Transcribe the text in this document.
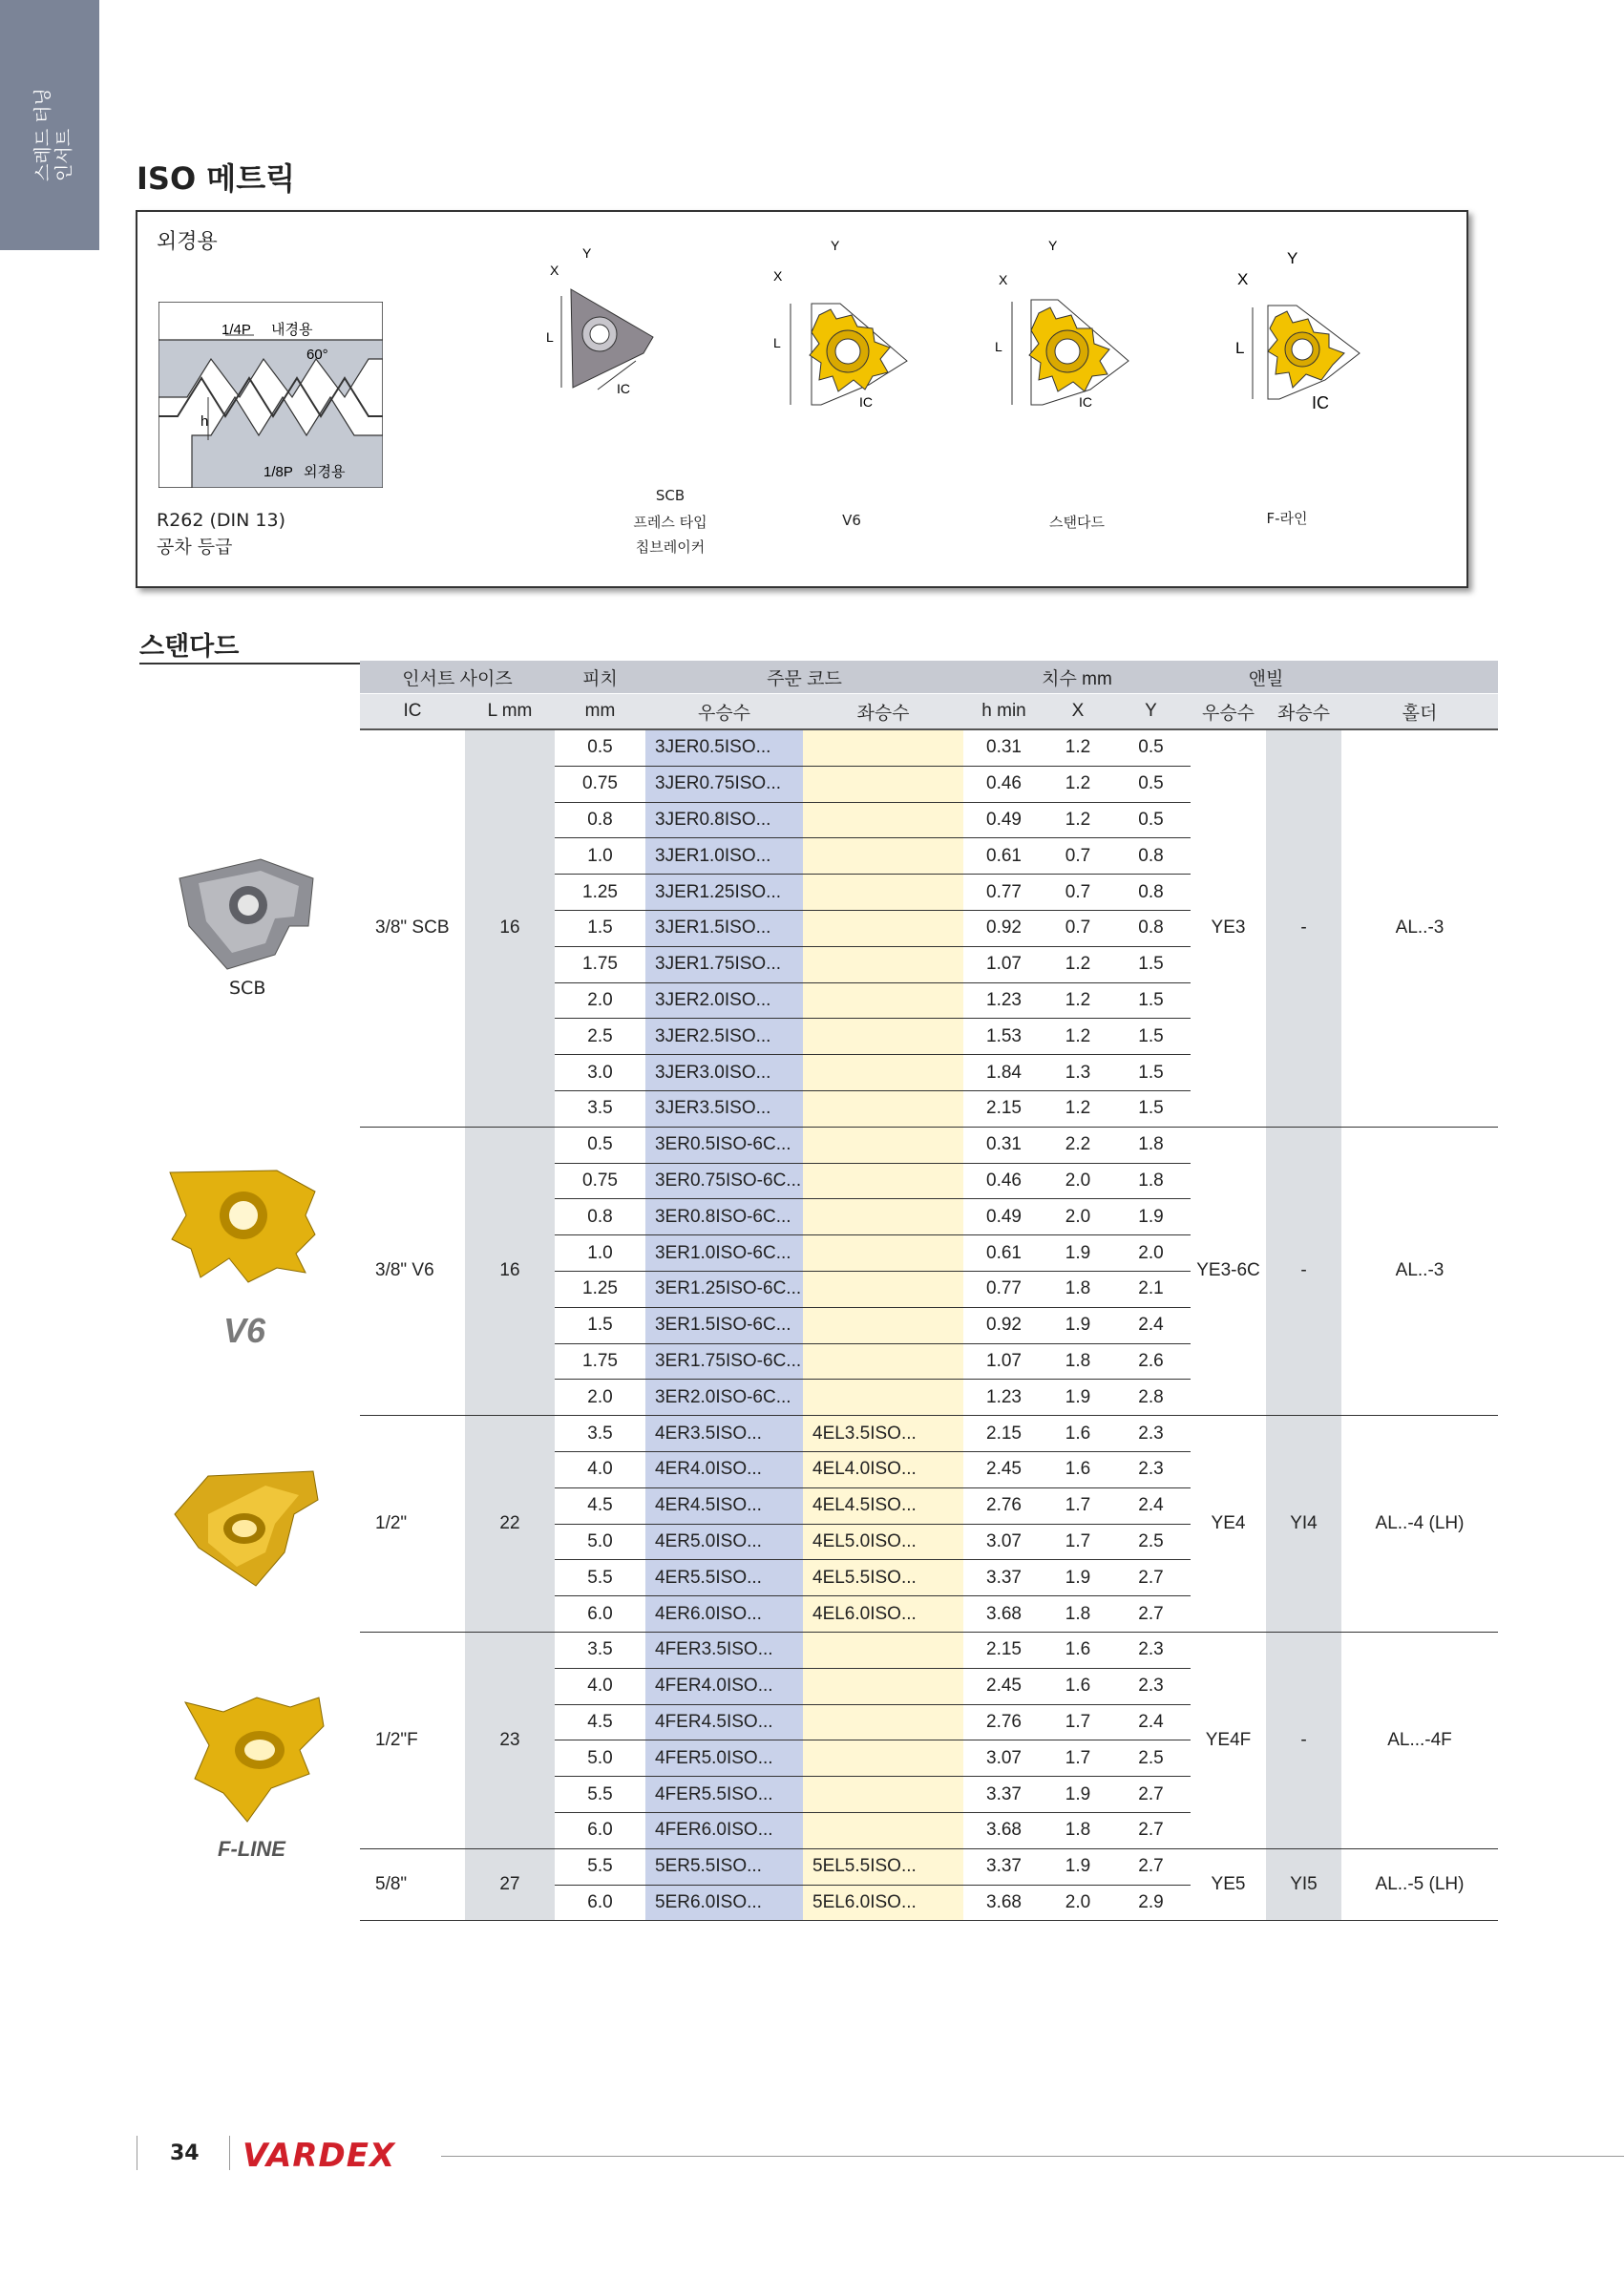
스레드 터닝 인서트 ISO 메트릭
외경용
1/4P 내경용
60°
h
1/8P 외경용
R262 (DIN 13)
공차 등급
X
Y
L
IC
SCB
프레스 타입
칩브레이커
X
Y
L
IC
V6
X
Y
L
IC
스탠다드
X
Y
L
IC
F-라인
스탠다드
SCB
V6
F-LINE
인서트 사이즈		피치	주문 코드		치수 mm			앤빌		
IC	L mm	mm	우승수	좌승수	h min	X	Y	우승수	좌승수	홀더
3/8" SCB	16	0.5	3JER0.5ISO...		0.31	1.2	0.5	YE3	-	AL..-3
		0.75	3JER0.75ISO...		0.46	1.2	0.5			
		0.8	3JER0.8ISO...		0.49	1.2	0.5			
		1.0	3JER1.0ISO...		0.61	0.7	0.8			
		1.25	3JER1.25ISO...		0.77	0.7	0.8			
		1.5	3JER1.5ISO...		0.92	0.7	0.8			
		1.75	3JER1.75ISO...		1.07	1.2	1.5			
		2.0	3JER2.0ISO...		1.23	1.2	1.5			
		2.5	3JER2.5ISO...		1.53	1.2	1.5			
		3.0	3JER3.0ISO...		1.84	1.3	1.5			
		3.5	3JER3.5ISO...		2.15	1.2	1.5			
3/8" V6	16	0.5	3ER0.5ISO-6C...		0.31	2.2	1.8	YE3-6C	-	AL..-3
		0.75	3ER0.75ISO-6C...		0.46	2.0	1.8			
		0.8	3ER0.8ISO-6C...		0.49	2.0	1.9			
		1.0	3ER1.0ISO-6C...		0.61	1.9	2.0			
		1.25	3ER1.25ISO-6C...		0.77	1.8	2.1			
		1.5	3ER1.5ISO-6C...		0.92	1.9	2.4			
		1.75	3ER1.75ISO-6C...		1.07	1.8	2.6			
		2.0	3ER2.0ISO-6C...		1.23	1.9	2.8			
1/2"	22	3.5	4ER3.5ISO...	4EL3.5ISO...	2.15	1.6	2.3	YE4	YI4	AL..-4 (LH)
		4.0	4ER4.0ISO...	4EL4.0ISO...	2.45	1.6	2.3			
		4.5	4ER4.5ISO...	4EL4.5ISO...	2.76	1.7	2.4			
		5.0	4ER5.0ISO...	4EL5.0ISO...	3.07	1.7	2.5			
		5.5	4ER5.5ISO...	4EL5.5ISO...	3.37	1.9	2.7			
		6.0	4ER6.0ISO...	4EL6.0ISO...	3.68	1.8	2.7			
1/2"F	23	3.5	4FER3.5ISO...		2.15	1.6	2.3	YE4F	-	AL...-4F
		4.0	4FER4.0ISO...		2.45	1.6	2.3			
		4.5	4FER4.5ISO...		2.76	1.7	2.4			
		5.0	4FER5.0ISO...		3.07	1.7	2.5			
		5.5	4FER5.5ISO...		3.37	1.9	2.7			
		6.0	4FER6.0ISO...		3.68	1.8	2.7			
5/8"	27	5.5	5ER5.5ISO...	5EL5.5ISO...	3.37	1.9	2.7	YE5	YI5	AL..-5 (LH)
		6.0	5ER6.0ISO...	5EL6.0ISO...	3.68	2.0	2.9			
34 VARDEX
